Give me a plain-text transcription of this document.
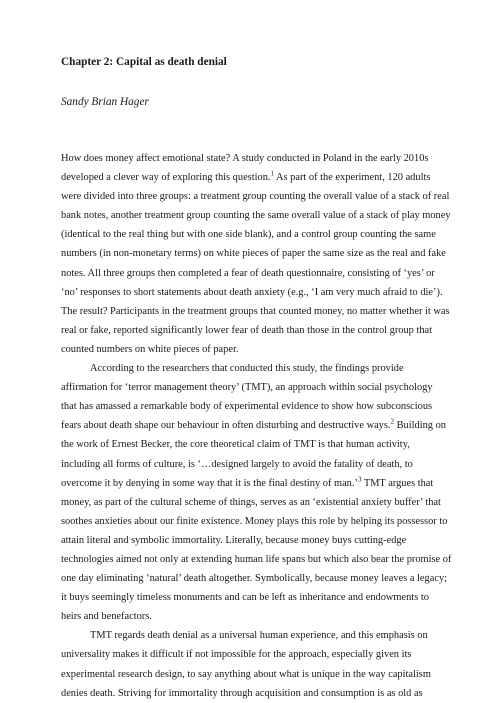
Chapter 2: Capital as death denial
Sandy Brian Hager
How does money affect emotional state? A study conducted in Poland in the early 2010s
developed a clever way of exploring this question.$^1$ As part of the experiment, 120 adults
were divided into three groups: a treatment group counting the overall value of a stack of real
bank notes, another treatment group counting the same overall value of a stack of play money
(identical to the real thing but with one side blank), and a control group counting the same
numbers (in non-monetary terms) on white pieces of paper the same size as the real and fake
notes. All three groups then completed a fear of death questionnaire, consisting of ‘yes’ or
‘no’ responses to short statements about death anxiety (e.g., ‘I am very much afraid to die’).
The result? Participants in the treatment groups that counted money, no matter whether it was
real or fake, reported significantly lower fear of death than those in the control group that
counted numbers on white pieces of paper.
According to the researchers that conducted this study, the findings provide
affirmation for ‘terror management theory’ (TMT), an approach within social psychology
that has amassed a remarkable body of experimental evidence to show how subconscious
fears about death shape our behaviour in often disturbing and destructive ways.$^2$ Building on
the work of Ernest Becker, the core theoretical claim of TMT is that human activity,
including all forms of culture, is ‘…designed largely to avoid the fatality of death, to
overcome it by denying in some way that it is the final destiny of man.’$^3$ TMT argues that
money, as part of the cultural scheme of things, serves as an ‘existential anxiety buffer’ that
soothes anxieties about our finite existence. Money plays this role by helping its possessor to
attain literal and symbolic immortality. Literally, because money buys cutting-edge
technologies aimed not only at extending human life spans but which also bear the promise of
one day eliminating ‘natural’ death altogether. Symbolically, because money leaves a legacy;
it buys seemingly timeless monuments and can be left as inheritance and endowments to
heirs and benefactors.
TMT regards death denial as a universal human experience, and this emphasis on
universality makes it difficult if not impossible for the approach, especially given its
experimental research design, to say anything about what is unique in the way capitalism
denies death. Striving for immortality through acquisition and consumption is as old as
